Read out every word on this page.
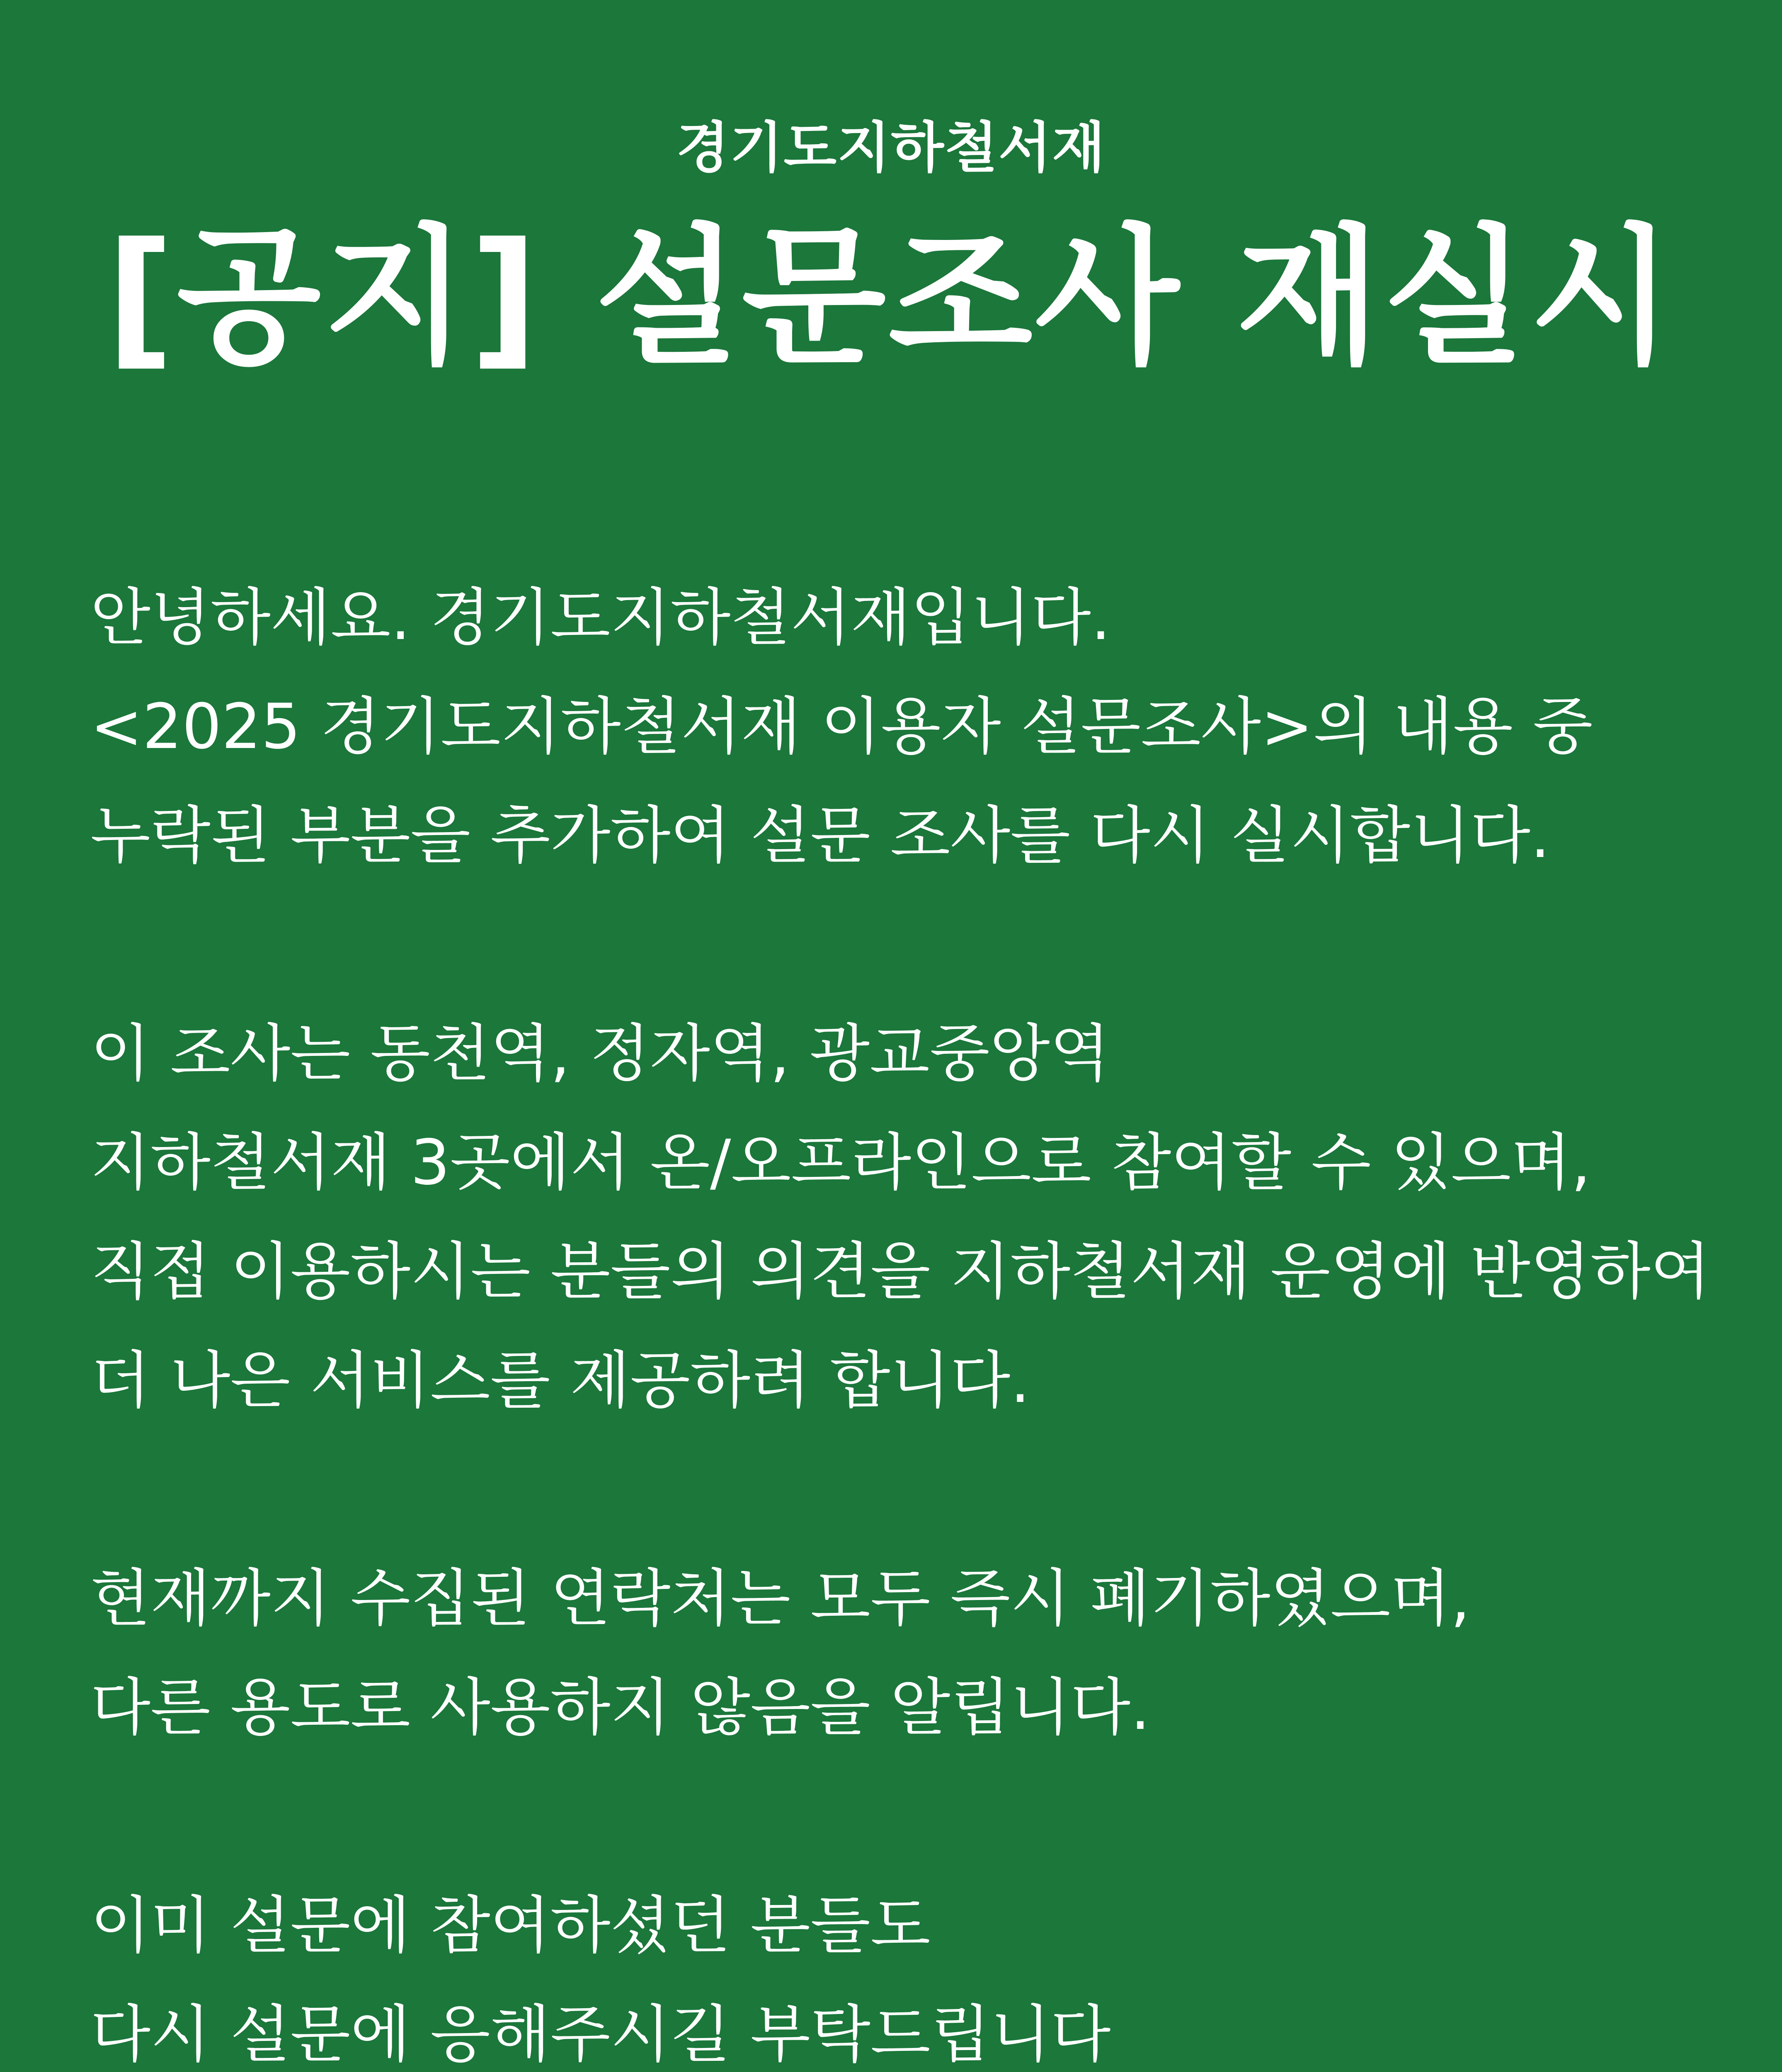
경기도지하철서재
[공지] 설문조사 재실시
안녕하세요. 경기도지하철서재입니다.
<2025 경기도지하철서재 이용자 설문조사>의 내용 중
누락된 부분을 추가하여 설문 조사를 다시 실시합니다.
이 조사는 동천역, 정자역, 광교중앙역
지하철서재 3곳에서 온/오프라인으로 참여할 수 있으며,
직접 이용하시는 분들의 의견을 지하철서재 운영에 반영하여
더 나은 서비스를 제공하려 합니다.
현재까지 수집된 연락처는 모두 즉시 폐기하였으며,
다른 용도로 사용하지 않음을 알립니다.
이미 설문에 참여하셨던 분들도
다시 설문에 응해주시길 부탁드립니다
